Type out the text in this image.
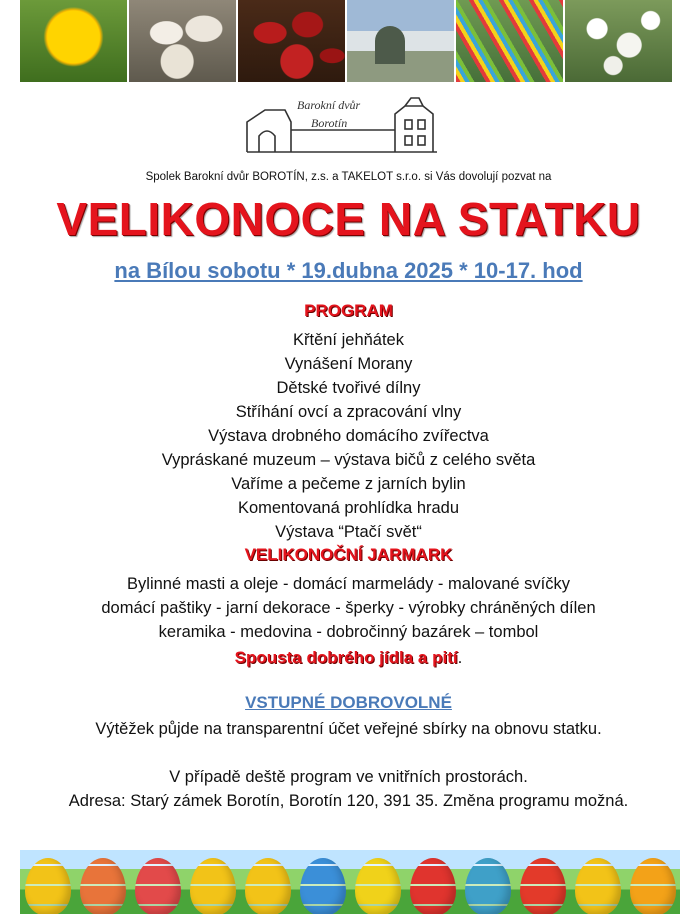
Barokní dvůr
Borotín
Spolek Barokní dvůr BOROTÍN, z.s. a TAKELOT s.r.o. si Vás dovolují pozvat na
VELIKONOCE NA STATKU
na Bílou sobotu * 19.dubna 2025 * 10-17. hod
PROGRAM
Křtění jehňátek
Vynášení Morany
Dětské tvořivé dílny
Stříhání ovcí a zpracování vlny
Výstava drobného domácího zvířectva
Vypráskané muzeum – výstava bičů z celého světa
Vaříme a pečeme z jarních bylin
Komentovaná prohlídka hradu
Výstava “Ptačí svět“
VELIKONOČNÍ JARMARK
Bylinné masti a oleje - domácí marmelády - malované svíčky
domácí paštiky - jarní dekorace - šperky - výrobky chráněných dílen
keramika - medovina - dobročinný bazárek – tombol
Spousta dobrého jídla a pití.
VSTUPNÉ DOBROVOLNÉ
Výtěžek půjde na transparentní účet veřejné sbírky na obnovu statku.
V případě deště program ve vnitřních prostorách.
Adresa: Starý zámek Borotín, Borotín 120, 391 35. Změna programu možná.
